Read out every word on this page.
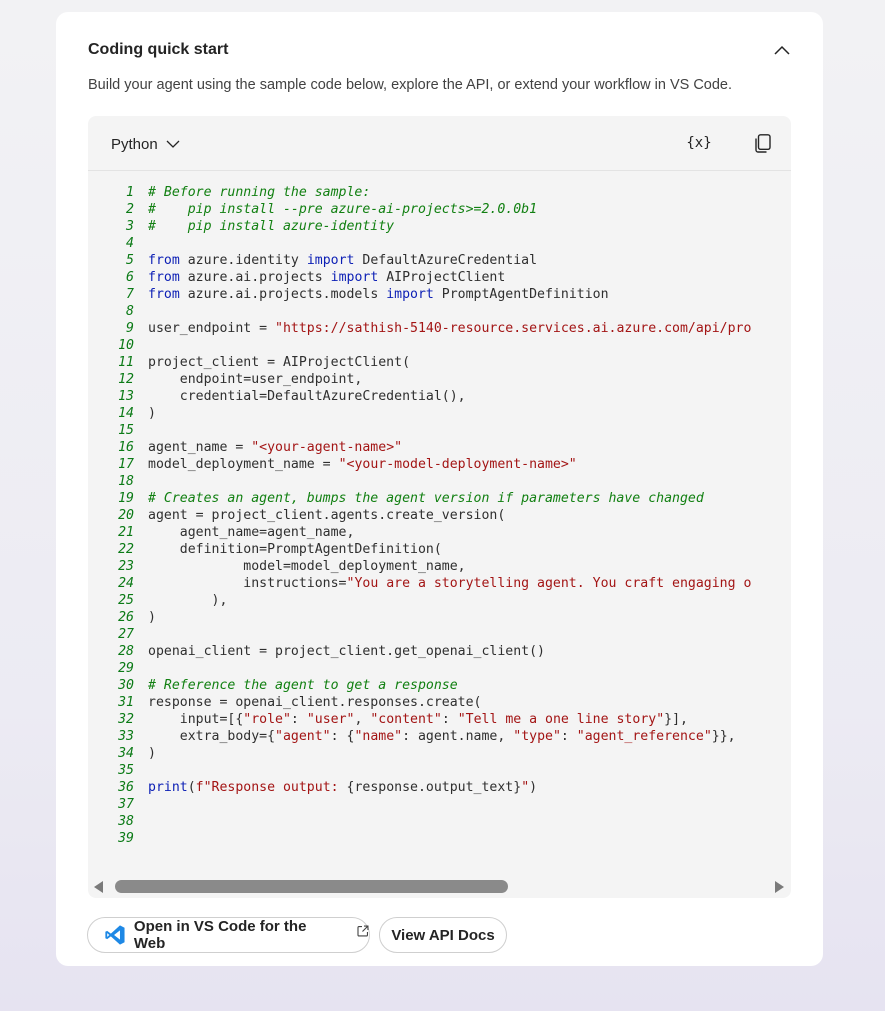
Coding quick start
Build your agent using the sample code below, explore the API, or extend your workflow in VS Code.
Python	{x}
1 # Before running the sample:
2 #    pip install --pre azure-ai-projects>=2.0.0b1
3 #    pip install azure-identity
4
5 from azure.identity import DefaultAzureCredential
6 from azure.ai.projects import AIProjectClient
7 from azure.ai.projects.models import PromptAgentDefinition
8
9 user_endpoint = "https://sathish-5140-resource.services.ai.azure.com/api/pro
10
11 project_client = AIProjectClient(
12 endpoint=user_endpoint,
13 credential=DefaultAzureCredential(),
14 )
15
16 agent_name = "<your-agent-name>"
17 model_deployment_name = "<your-model-deployment-name>"
18
19 # Creates an agent, bumps the agent version if parameters have changed
20 agent = project_client.agents.create_version(
21 agent_name=agent_name,
22 definition=PromptAgentDefinition(
23 model=model_deployment_name,
24 instructions="You are a storytelling agent. You craft engaging o
25 ),
26 )
27
28 openai_client = project_client.get_openai_client()
29
30 # Reference the agent to get a response
31 response = openai_client.responses.create(
32 input=[{"role": "user", "content": "Tell me a one line story"}],
33 extra_body={"agent": {"name": agent.name, "type": "agent_reference"}},
34 )
35
36 print(f"Response output: {response.output_text}")
37
38
39
Open in VS Code for the Web	View API Docs
